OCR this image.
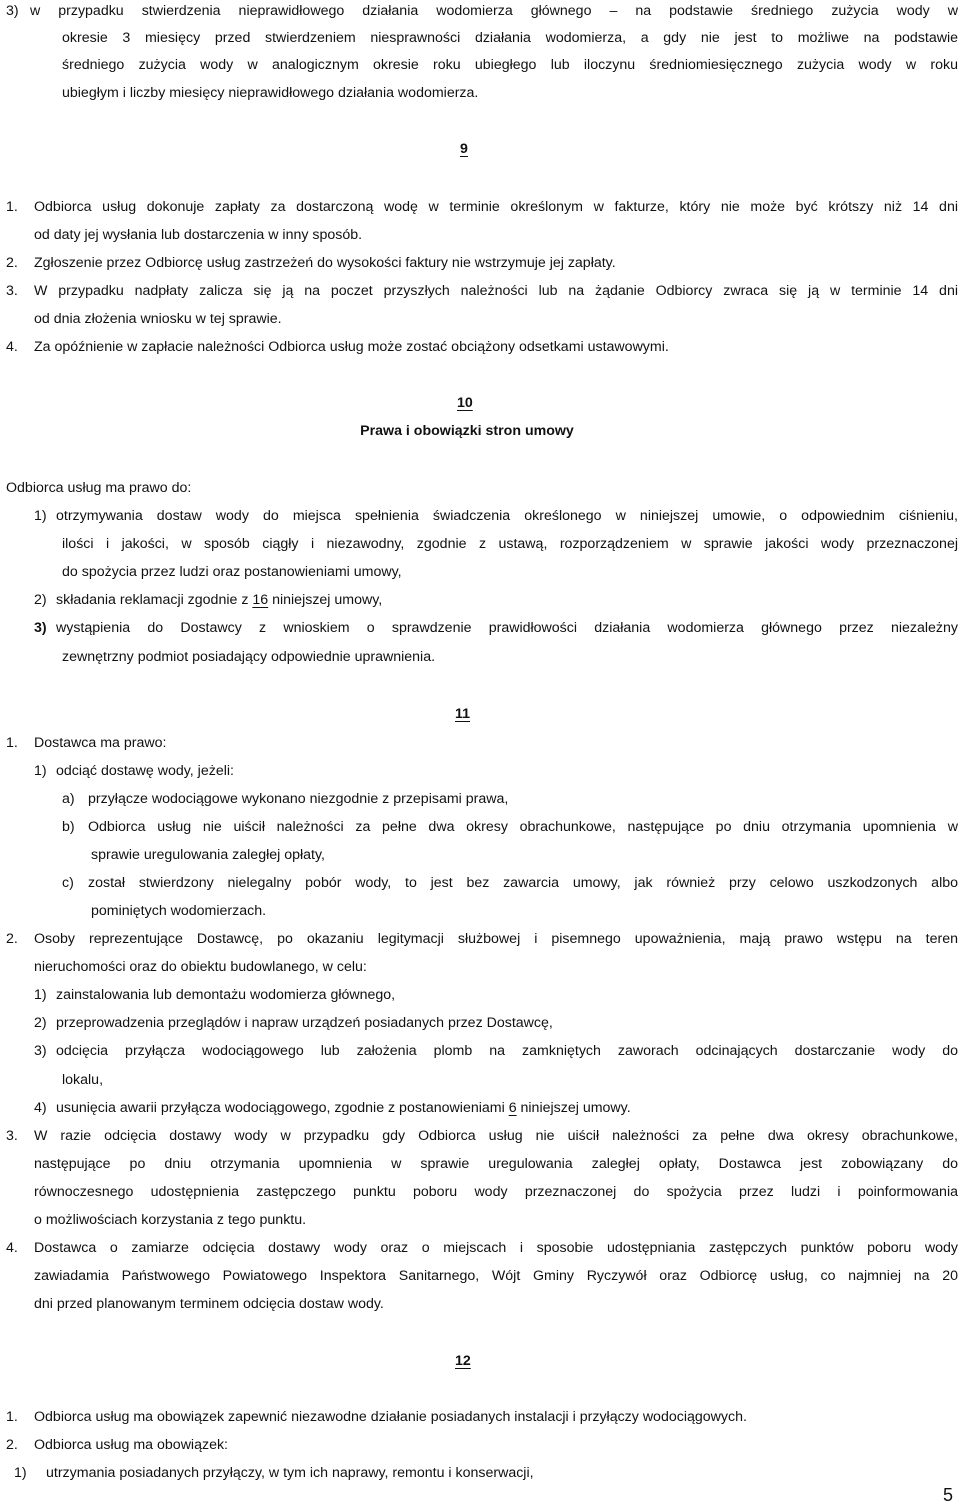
3) w przypadku stwierdzenia nieprawidłowego działania wodomierza głównego – na podstawie średniego zużycia wody w
okresie 3 miesięcy przed stwierdzeniem niesprawności działania wodomierza, a gdy nie jest to możliwe na podstawie
średniego zużycia wody w analogicznym okresie roku ubiegłego lub iloczynu średniomiesięcznego zużycia wody w roku
ubiegłym i liczby miesięcy nieprawidłowego działania wodomierza.
9
1. Odbiorca usług dokonuje zapłaty za dostarczoną wodę w terminie określonym w fakturze, który nie może być krótszy niż 14 dni
od daty jej wysłania lub dostarczenia w inny sposób.
2. Zgłoszenie przez Odbiorcę usług zastrzeżeń do wysokości faktury nie wstrzymuje jej zapłaty.
3. W przypadku nadpłaty zalicza się ją na poczet przyszłych należności lub na żądanie Odbiorcy zwraca się ją w terminie 14 dni
od dnia złożenia wniosku w tej sprawie.
4. Za opóźnienie w zapłacie należności Odbiorca usług może zostać obciążony odsetkami ustawowymi.
10
Prawa i obowiązki stron umowy
Odbiorca usług ma prawo do:
1) otrzymywania dostaw wody do miejsca spełnienia świadczenia określonego w niniejszej umowie, o odpowiednim ciśnieniu,
ilości i jakości, w sposób ciągły i niezawodny, zgodnie z ustawą, rozporządzeniem w sprawie jakości wody przeznaczonej
do spożycia przez ludzi oraz postanowieniami umowy,
2) składania reklamacji zgodnie z 16 niniejszej umowy,
3) wystąpienia do Dostawcy z wnioskiem o sprawdzenie prawidłowości działania wodomierza głównego przez niezależny
zewnętrzny podmiot posiadający odpowiednie uprawnienia.
11
1. Dostawca ma prawo:
1) odciąć dostawę wody, jeżeli:
a) przyłącze wodociągowe wykonano niezgodnie z przepisami prawa,
b) Odbiorca usług nie uiścił należności za pełne dwa okresy obrachunkowe, następujące po dniu otrzymania upomnienia w
sprawie uregulowania zaległej opłaty,
c) został stwierdzony nielegalny pobór wody, to jest bez zawarcia umowy, jak również przy celowo uszkodzonych albo
pominiętych wodomierzach.
2. Osoby reprezentujące Dostawcę, po okazaniu legitymacji służbowej i pisemnego upoważnienia, mają prawo wstępu na teren
nieruchomości oraz do obiektu budowlanego, w celu:
1) zainstalowania lub demontażu wodomierza głównego,
2) przeprowadzenia przeglądów i napraw urządzeń posiadanych przez Dostawcę,
3) odcięcia przyłącza wodociągowego lub założenia plomb na zamkniętych zaworach odcinających dostarczanie wody do
lokalu,
4) usunięcia awarii przyłącza wodociągowego, zgodnie z postanowieniami 6 niniejszej umowy.
3. W razie odcięcia dostawy wody w przypadku gdy Odbiorca usług nie uiścił należności za pełne dwa okresy obrachunkowe,
następujące po dniu otrzymania upomnienia w sprawie uregulowania zaległej opłaty, Dostawca jest zobowiązany do
równoczesnego udostępnienia zastępczego punktu poboru wody przeznaczonej do spożycia przez ludzi i poinformowania
o możliwościach korzystania z tego punktu.
4. Dostawca o zamiarze odcięcia dostawy wody oraz o miejscach i sposobie udostępniania zastępczych punktów poboru wody
zawiadamia Państwowego Powiatowego Inspektora Sanitarnego, Wójt Gminy Ryczywół oraz Odbiorcę usług, co najmniej na 20
dni przed planowanym terminem odcięcia dostaw wody.
12
1. Odbiorca usług ma obowiązek zapewnić niezawodne działanie posiadanych instalacji i przyłączy wodociągowych.
2. Odbiorca usług ma obowiązek:
1) utrzymania posiadanych przyłączy, w tym ich naprawy, remontu i konserwacji,
5
